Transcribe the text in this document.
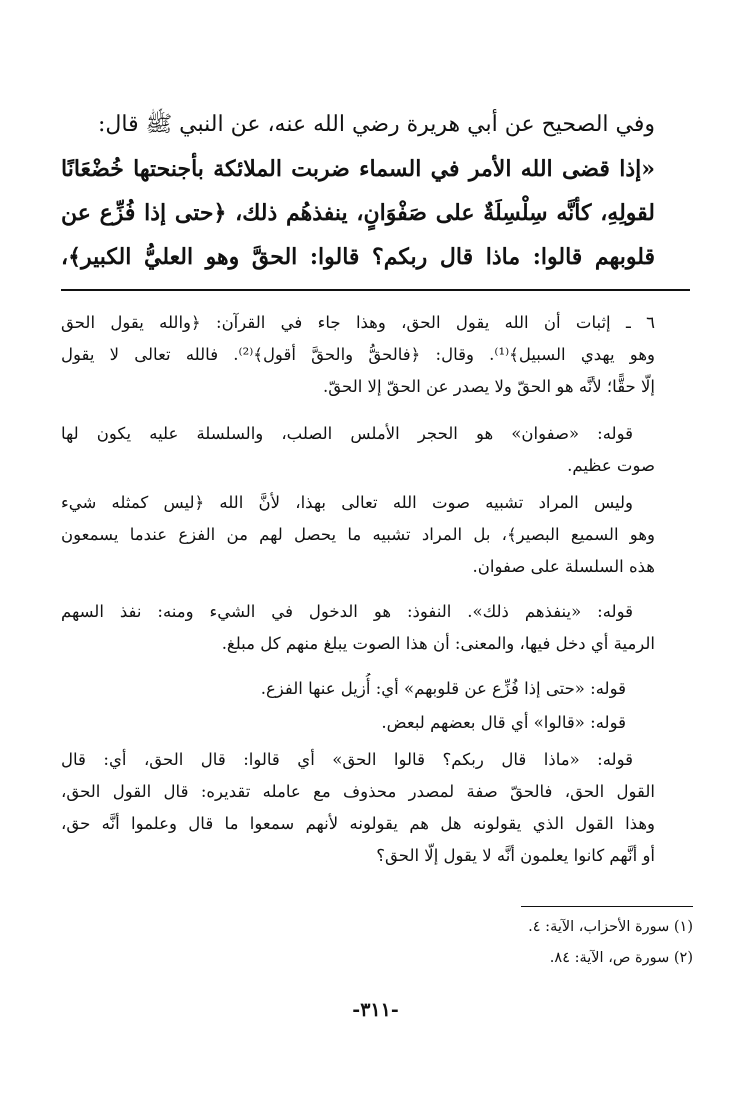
وفي الصحيح عن أبي هريرة رضي الله عنه، عن النبي ﷺ قال:
«إذا قضى الله الأمر في السماء ضربت الملائكة بأجنحتها خُضْعَانًا
لقولِهِ، كأنَّه سِلْسِلَةٌ على صَفْوَانٍ، ينفذهُم ذلك، ﴿حتى إذا فُزِّع عن
قلوبهم قالوا: ماذا قال ربكم؟ قالوا: الحقَّ وهو العليُّ الكبير﴾،
٦ ـ إثبات أن الله يقول الحق، وهذا جاء في القرآن: ﴿والله يقول الحق
وهو يهدي السبيل﴾⁽¹⁾. وقال: ﴿فالحقُّ والحقَّ أقول﴾⁽²⁾. فالله تعالى لا يقول
إلّا حقًّا؛ لأنَّه هو الحقّ ولا يصدر عن الحقّ إلا الحقّ.
قوله: «صفوان» هو الحجر الأملس الصلب، والسلسلة عليه يكون لها
صوت عظيم.
وليس المراد تشبيه صوت الله تعالى بهذا، لأنَّ الله ﴿ليس كمثله شيء
وهو السميع البصير﴾، بل المراد تشبيه ما يحصل لهم من الفزع عندما يسمعون
هذه السلسلة على صفوان.
قوله: «ينفذهم ذلك». النفوذ: هو الدخول في الشيء ومنه: نفذ السهم
الرمية أي دخل فيها، والمعنى: أن هذا الصوت يبلغ منهم كل مبلغ.
قوله: «حتى إذا فُزِّع عن قلوبهم» أي: أُزيل عنها الفزع.
قوله: «قالوا» أي قال بعضهم لبعض.
قوله: «ماذا قال ربكم؟ قالوا الحق» أي قالوا: قال الحق، أي: قال
القول الحق، فالحقّ صفة لمصدر محذوف مع عامله تقديره: قال القول الحق،
وهذا القول الذي يقولونه هل هم يقولونه لأنهم سمعوا ما قال وعلموا أنَّه حق،
أو أنَّهم كانوا يعلمون أنَّه لا يقول إلّا الحق؟
(١) سورة الأحزاب، الآية: ٤.
(٢) سورة ص، الآية: ٨٤.
-٣١١-
